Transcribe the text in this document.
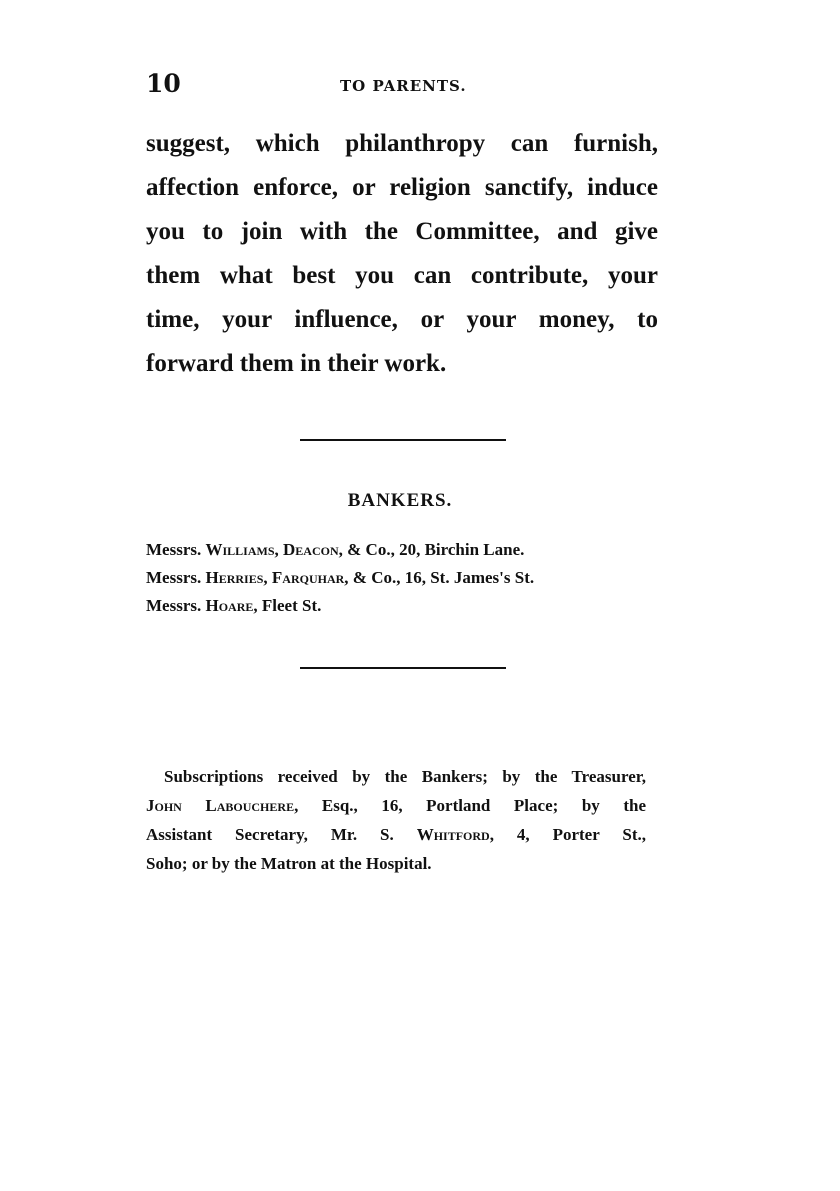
10	TO PARENTS.
suggest, which philanthropy can furnish,
affection enforce, or religion sanctify, induce
you to join with the Committee, and give
them what best you can contribute, your
time, your influence, or your money, to
forward them in their work.
BANKERS.
Messrs. Williams, Deacon, & Co., 20, Birchin Lane.
Messrs. Herries, Farquhar, & Co., 16, St. James's St.
Messrs. Hoare, Fleet St.
Subscriptions received by the Bankers; by the Treasurer,
John Labouchere, Esq., 16, Portland Place; by the
Assistant Secretary, Mr. S. Whitford, 4, Porter St.,
Soho; or by the Matron at the Hospital.
